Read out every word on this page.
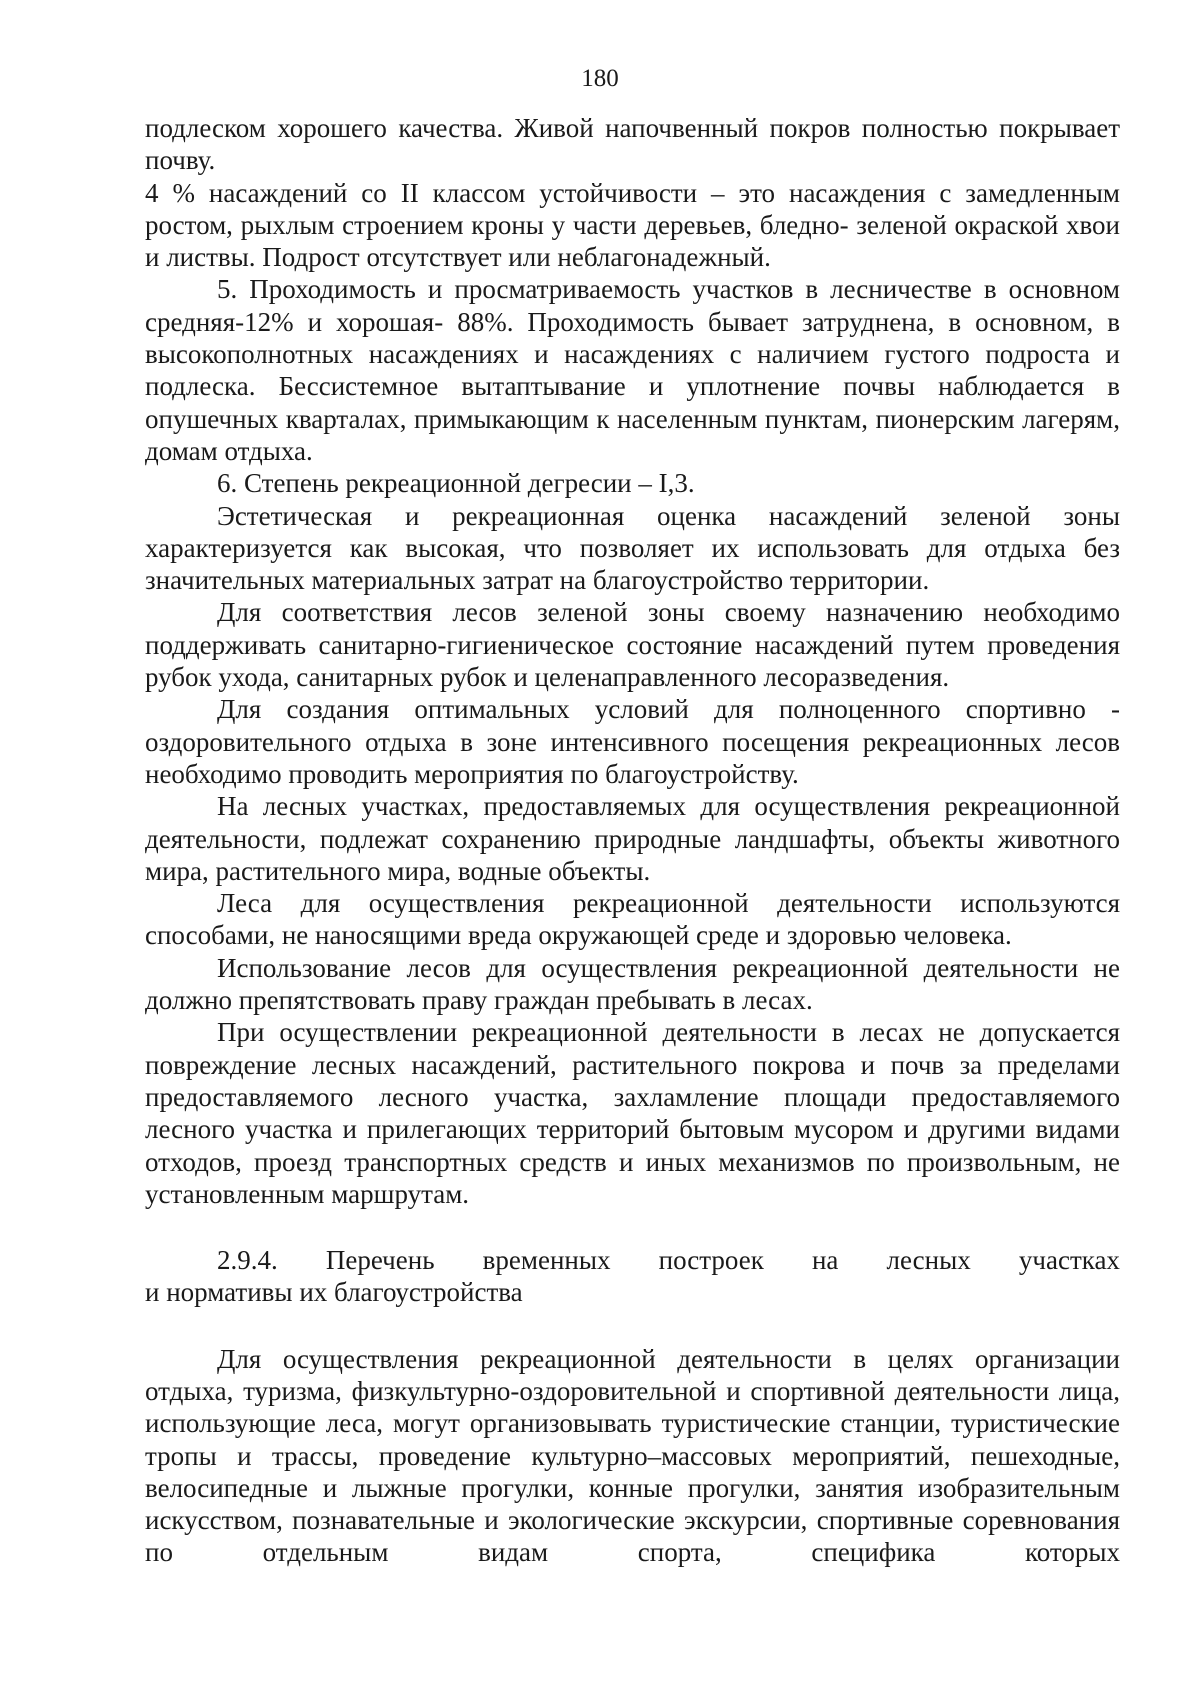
180

подлеском хорошего качества. Живой напочвенный покров полностью покрывает почву.

4 % насаждений со II классом устойчивости – это насаждения с замедленным ростом, рыхлым строением кроны у части деревьев, бледно- зеленой окраской хвои и листвы. Подрост отсутствует или неблагонадежный.

5. Проходимость и просматриваемость участков в лесничестве в основном средняя-12% и хорошая- 88%. Проходимость бывает затруднена, в основном, в высокополнотных насаждениях и насаждениях с наличием густого подроста и подлеска. Бессистемное вытаптывание и уплотнение почвы наблюдается в опушечных кварталах, примыкающим к населенным пунктам, пионерским лагерям, домам отдыха.

6. Степень рекреационной дегресии – I,3.

Эстетическая и рекреационная оценка насаждений зеленой зоны характеризуется как высокая, что позволяет их использовать для отдыха без значительных материальных затрат на благоустройство территории.

Для соответствия лесов зеленой зоны своему назначению необходимо поддерживать санитарно-гигиеническое состояние насаждений путем проведения рубок ухода, санитарных рубок и целенаправленного лесоразведения.

Для создания оптимальных условий для полноценного спортивно - оздоровительного отдыха в зоне интенсивного посещения рекреационных лесов необходимо проводить мероприятия по благоустройству.

На лесных участках, предоставляемых для осуществления рекреационной деятельности, подлежат сохранению природные ландшафты, объекты животного мира, растительного мира, водные объекты.

Леса для осуществления рекреационной деятельности используются способами, не наносящими вреда окружающей среде и здоровью человека.

Использование лесов для осуществления рекреационной деятельности не должно препятствовать праву граждан пребывать в лесах.

При осуществлении рекреационной деятельности в лесах не допускается повреждение лесных насаждений, растительного покрова и почв за пределами предоставляемого лесного участка, захламление площади предоставляемого лесного участка и прилегающих территорий бытовым мусором и другими видами отходов, проезд транспортных средств и иных механизмов по произвольным, не установленным маршрутам.

2.9.4. Перечень временных построек на лесных участках
и нормативы их благоустройства

Для осуществления рекреационной деятельности в целях организации отдыха, туризма, физкультурно-оздоровительной и спортивной деятельности лица, использующие леса, могут организовывать туристические станции, туристические тропы и трассы, проведение культурно–массовых мероприятий, пешеходные, велосипедные и лыжные прогулки, конные прогулки, занятия изобразительным искусством, познавательные и экологические экскурсии, спортивные соревнования по отдельным видам спорта, специфика которых
